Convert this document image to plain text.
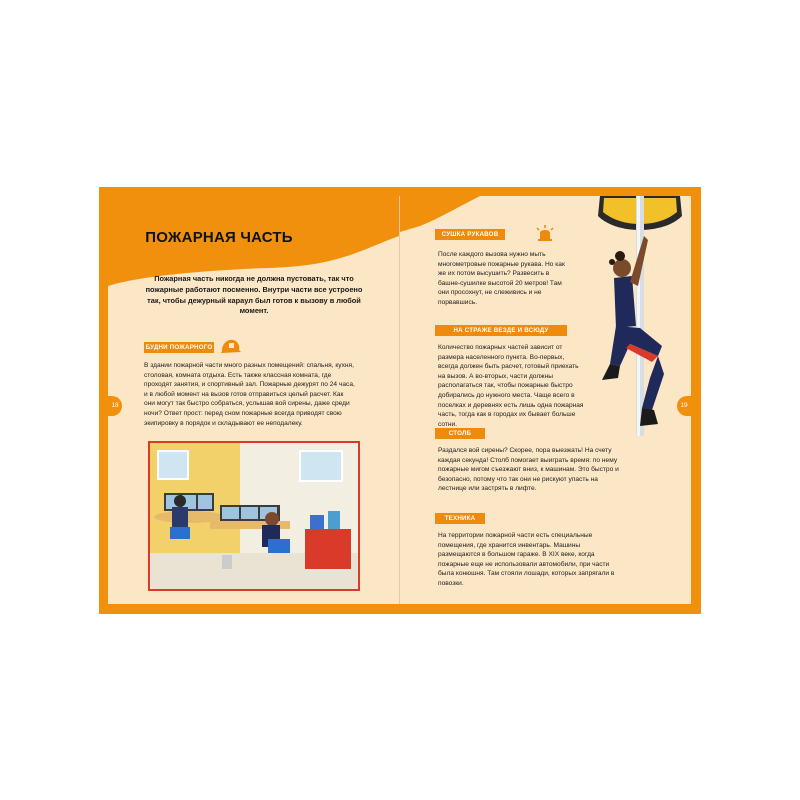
ПОЖАРНАЯ ЧАСТЬ
Пожарная часть никогда не должна пустовать, так что пожарные работают посменно. Внутри части все устроено так, чтобы дежурный караул был готов к вызову в любой момент.
БУДНИ ПОЖАРНОГО
В здании пожарной части много разных помещений: спальня, кухня, столовая, комната отдыха. Есть также классная комната, где проходят занятия, и спортивный зал. Пожарные дежурят по 24 часа, и в любой момент на вызов готов отправиться целый расчет. Как они могут так быстро собраться, услышав вой сирены, даже среди ночи? Ответ прост: перед сном пожарные всегда приводят свою экипировку в порядок и складывают ее неподалеку.
18
СУШКА РУКАВОВ
После каждого вызова нужно мыть многометровые пожарные рукава. Но как же их потом высушить? Развесить в башне-сушилке высотой 20 метров! Там они просохнут, не слеживись и не порвавшись.
НА СТРАЖЕ ВЕЗДЕ И ВСЮДУ
Количество пожарных частей зависит от размера населенного пункта. Во-первых, всегда должен быть расчет, готовый приехать на вызов. А во-вторых, части должны располагаться так, чтобы пожарные быстро добирались до нужного места. Чаще всего в поселках и деревнях есть лишь одна пожарная часть, тогда как в городах их бывает больше сотни.
СТОЛБ
Раздался вой сирены? Скорее, пора выезжать! На счету каждая секунда! Столб помогает выиграть время: по нему пожарные мигом съезжают вниз, к машинам. Это быстро и безопасно, потому что так они не рискуют упасть на лестнице или застрять в лифте.
ТЕХНИКА
На территории пожарной части есть специальные помещения, где хранится инвентарь. Машины размещаются в большом гараже. В XIX веке, когда пожарные еще не использовали автомобили, при части была конюшня. Там стояли лошади, которых запрягали в повозки.
19
